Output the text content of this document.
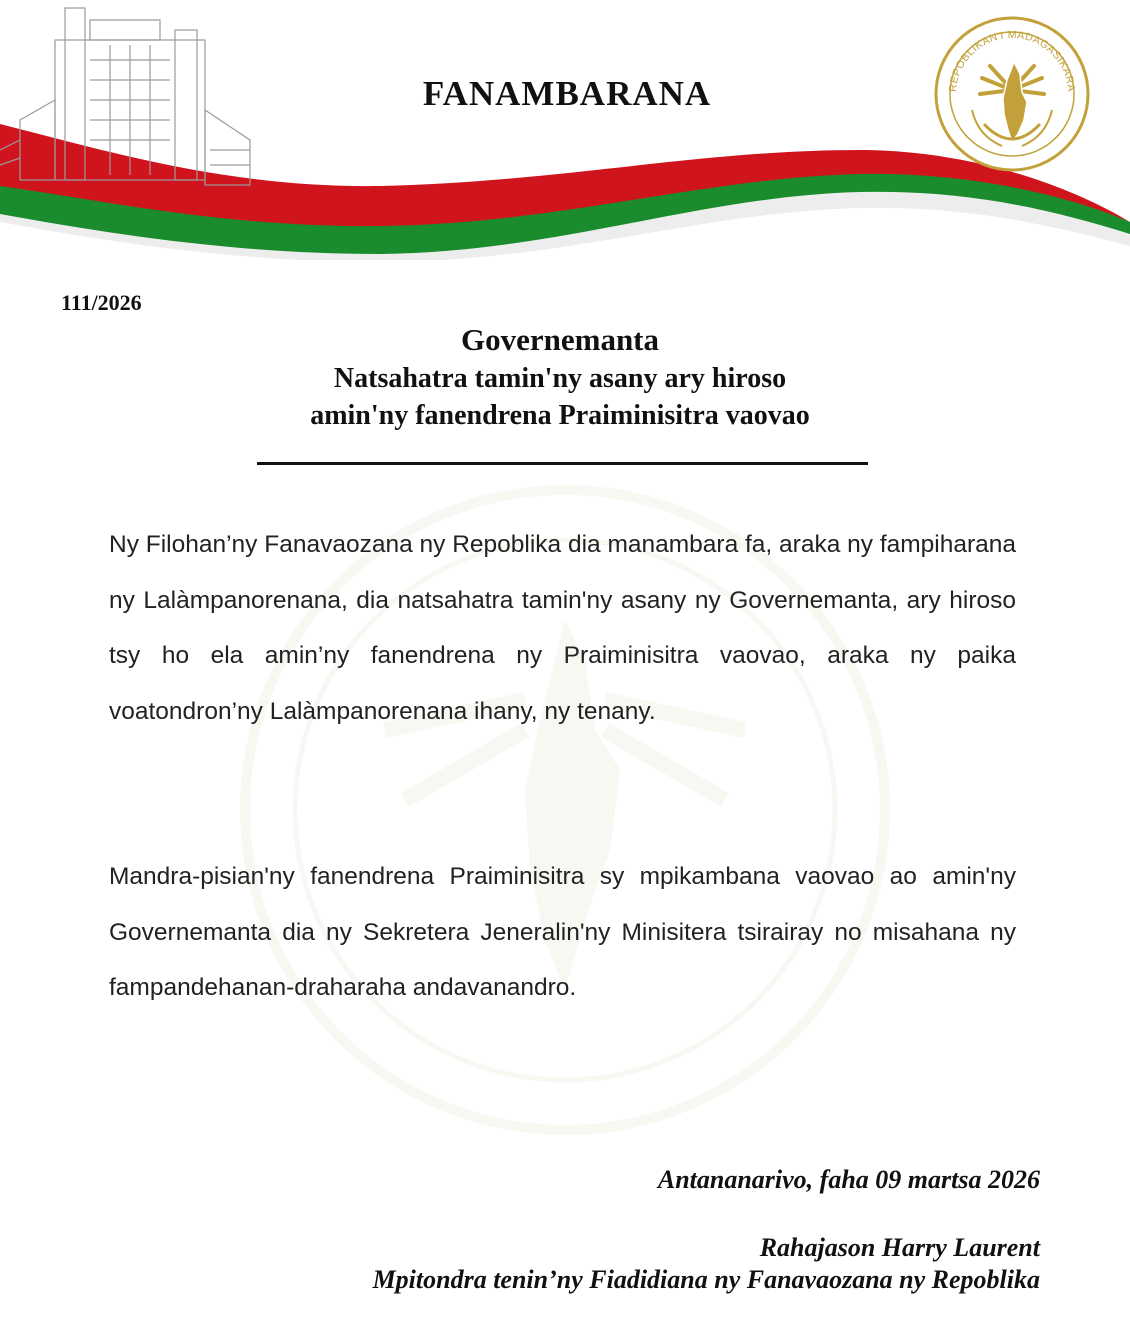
REPOBLIKAN'I MADAGASIKARA
FANAMBARANA
111/2026
Governemanta
Natsahatra tamin'ny asany ary hiroso
amin'ny fanendrena Praiminisitra vaovao

Ny Filohan’ny Fanavaozana ny Repoblika dia manambara fa, araka ny fampiharana ny Lalàmpanorenana, dia natsahatra tamin'ny asany ny Governemanta, ary hiroso tsy ho ela amin’ny fanendrena ny Praiminisitra vaovao, araka ny paika voatondron’ny Lalàmpanorenana ihany, ny tenany.

Mandra-pisian'ny fanendrena Praiminisitra sy mpikambana vaovao ao amin'ny Governemanta dia ny Sekretera Jeneralin'ny Minisitera tsirairay no misahana ny fampandehanan-draharaha andavanandro.

Antananarivo, faha 09 martsa 2026
Rahajason Harry Laurent
Mpitondra tenin’ny Fiadidiana ny Fanavaozana ny Repoblika
